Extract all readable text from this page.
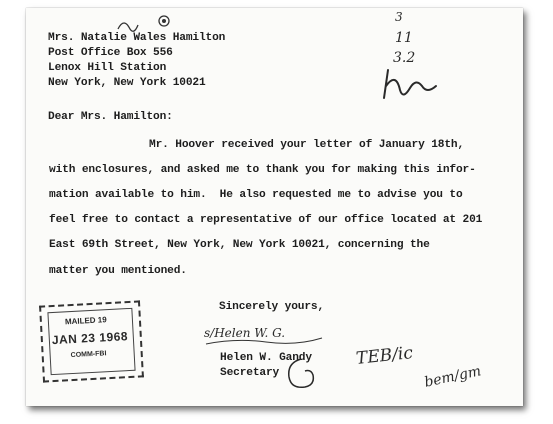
Mrs. Natalie Wales Hamilton
Post Office Box 556
Lenox Hill Station
New York, New York 10021
3
11
3.2
Dear Mrs. Hamilton:
Mr. Hoover received your letter of January 18th,
with enclosures, and asked me to thank you for making this infor-
mation available to him.  He also requested me to advise you to
feel free to contact a representative of our office located at 201
East 69th Street, New York, New York 10021, concerning the
matter you mentioned.
Sincerely yours,
s/Helen W. G.
Helen W. Gandy
Secretary
TEB/ic
bem/gm
MAILED 19
JAN 23 1968
COMM-FBI
